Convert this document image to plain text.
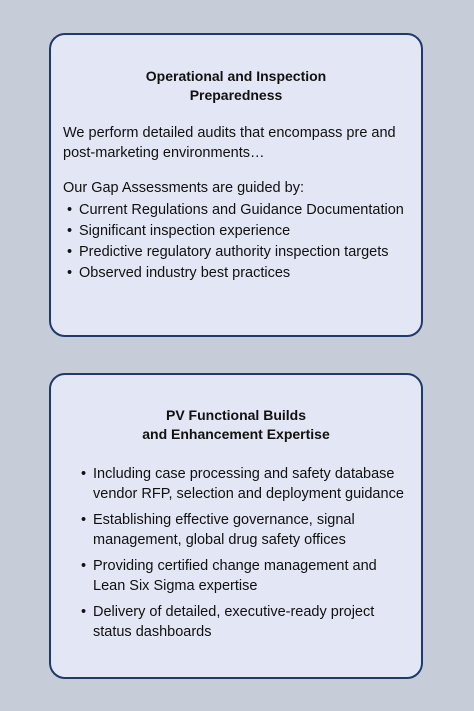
Operational and Inspection
Preparedness

We perform detailed audits that encompass pre and post-marketing environments…

Our Gap Assessments are guided by:

• Current Regulations and Guidance Documentation
• Significant inspection experience
• Predictive regulatory authority inspection targets
• Observed industry best practices

PV Functional Builds
and Enhancement Expertise

• Including case processing and safety database vendor RFP, selection and deployment guidance
• Establishing effective governance, signal management, global drug safety offices
• Providing certified change management and Lean Six Sigma expertise
• Delivery of detailed, executive-ready project status dashboards
